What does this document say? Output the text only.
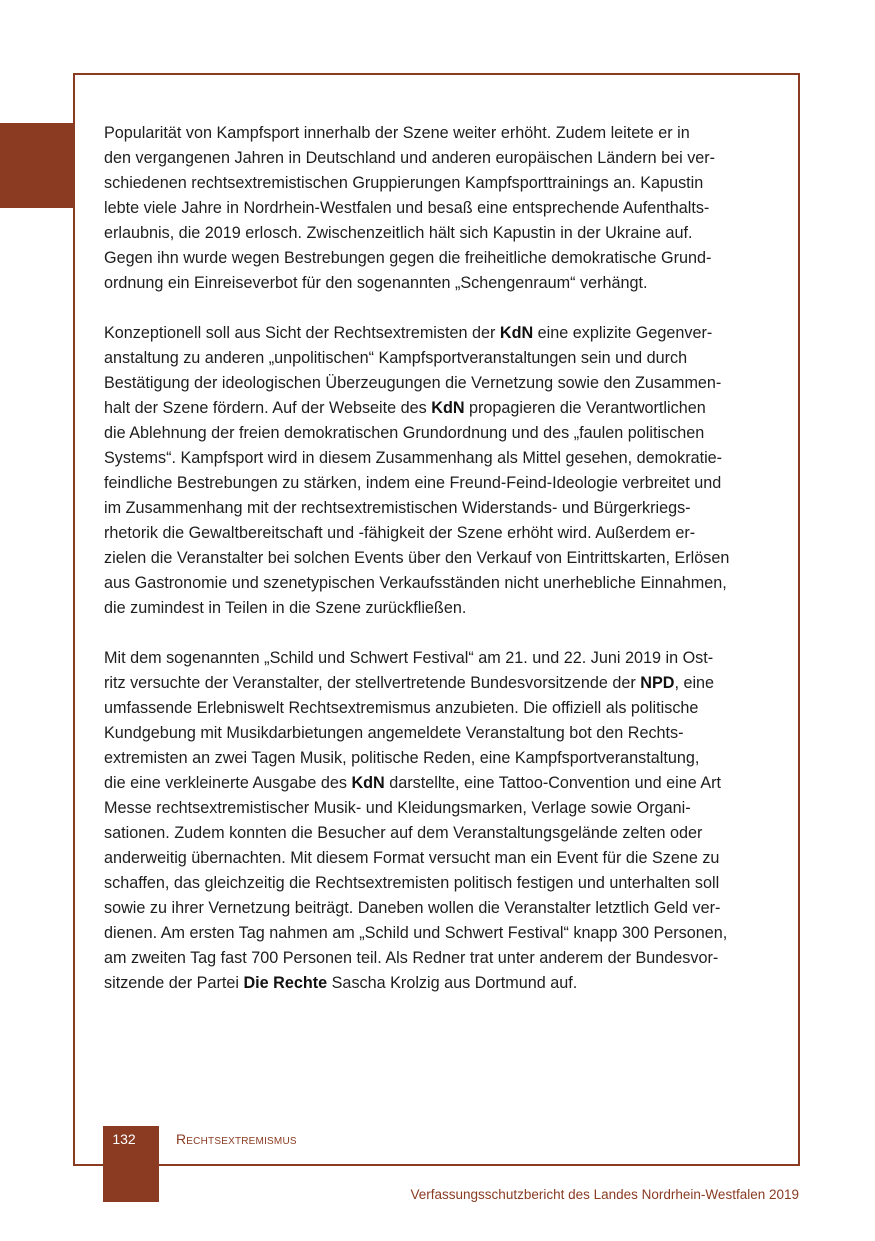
Popularität von Kampfsport innerhalb der Szene weiter erhöht. Zudem leitete er in
den vergangenen Jahren in Deutschland und anderen europäischen Ländern bei ver-
schiedenen rechtsextremistischen Gruppierungen Kampfsporttrainings an. Kapustin
lebte viele Jahre in Nordrhein-Westfalen und besaß eine entsprechende Aufenthalts-
erlaubnis, die 2019 erlosch. Zwischenzeitlich hält sich Kapustin in der Ukraine auf.
Gegen ihn wurde wegen Bestrebungen gegen die freiheitliche demokratische Grund-
ordnung ein Einreiseverbot für den sogenannten „Schengenraum“ verhängt.

Konzeptionell soll aus Sicht der Rechtsextremisten der KdN eine explizite Gegenver-
anstaltung zu anderen „unpolitischen“ Kampfsportveranstaltungen sein und durch
Bestätigung der ideologischen Überzeugungen die Vernetzung sowie den Zusammen-
halt der Szene fördern. Auf der Webseite des KdN propagieren die Verantwortlichen
die Ablehnung der freien demokratischen Grundordnung und des „faulen politischen
Systems“. Kampfsport wird in diesem Zusammenhang als Mittel gesehen, demokratie-
feindliche Bestrebungen zu stärken, indem eine Freund-Feind-Ideologie verbreitet und
im Zusammenhang mit der rechtsextremistischen Widerstands- und Bürgerkriegs-
rhetorik die Gewaltbereitschaft und -fähigkeit der Szene erhöht wird. Außerdem er-
zielen die Veranstalter bei solchen Events über den Verkauf von Eintrittskarten, Erlösen
aus Gastronomie und szenetypischen Verkaufsständen nicht unerhebliche Einnahmen,
die zumindest in Teilen in die Szene zurückfließen.

Mit dem sogenannten „Schild und Schwert Festival“ am 21. und 22. Juni 2019 in Ost-
ritz versuchte der Veranstalter, der stellvertretende Bundesvorsitzende der NPD, eine
umfassende Erlebniswelt Rechtsextremismus anzubieten. Die offiziell als politische
Kundgebung mit Musikdarbietungen angemeldete Veranstaltung bot den Rechts-
extremisten an zwei Tagen Musik, politische Reden, eine Kampfsportveranstaltung,
die eine verkleinerte Ausgabe des KdN darstellte, eine Tattoo-Convention und eine Art
Messe rechtsextremistischer Musik- und Kleidungsmarken, Verlage sowie Organi-
sationen. Zudem konnten die Besucher auf dem Veranstaltungsgelände zelten oder
anderweitig übernachten. Mit diesem Format versucht man ein Event für die Szene zu
schaffen, das gleichzeitig die Rechtsextremisten politisch festigen und unterhalten soll
sowie zu ihrer Vernetzung beiträgt. Daneben wollen die Veranstalter letztlich Geld ver-
dienen. Am ersten Tag nahmen am „Schild und Schwert Festival“ knapp 300 Personen,
am zweiten Tag fast 700 Personen teil. Als Redner trat unter anderem der Bundesvor-
sitzende der Partei Die Rechte Sascha Krolzig aus Dortmund auf.

132	Rechtsextremismus
Verfassungsschutzbericht des Landes Nordrhein-Westfalen 2019
